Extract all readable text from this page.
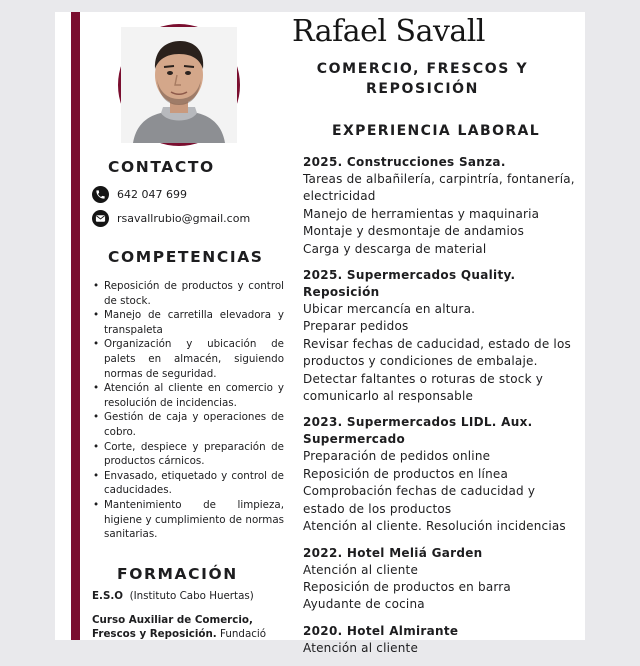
Rafael Savall
COMERCIO, FRESCOS Y
REPOSICIÓN
CONTACTO
642 047 699
rsavallrubio@gmail.com
COMPETENCIAS
• Reposición de productos y control de stock.
• Manejo de carretilla elevadora y transpaleta
• Organización y ubicación de palets en almacén, siguiendo normas de seguridad.
• Atención al cliente en comercio y resolución de incidencias.
• Gestión de caja y operaciones de cobro.
• Corte, despiece y preparación de productos cárnicos.
• Envasado, etiquetado y control de caducidades.
• Mantenimiento de limpieza, higiene y cumplimiento de normas sanitarias.
FORMACIÓN
E.S.O (Instituto Cabo Huertas)
Curso Auxiliar de Comercio, Frescos y Reposición. Fundació
EXPERIENCIA LABORAL
2025. Construcciones Sanza.
Tareas de albañilería, carpintría, fontanería, electricidad
Manejo de herramientas y maquinaria
Montaje y desmontaje de andamios
Carga y descarga de material
2025. Supermercados Quality. Reposición
Ubicar mercancía en altura.
Preparar pedidos
Revisar fechas de caducidad, estado de los productos y condiciones de embalaje.
Detectar faltantes o roturas de stock y comunicarlo al responsable
2023. Supermercados LIDL. Aux. Supermercado
Preparación de pedidos online
Reposición de productos en línea
Comprobación fechas de caducidad y estado de los productos
Atención al cliente. Resolución incidencias
2022. Hotel Meliá Garden
Atención al cliente
Reposición de productos en barra
Ayudante de cocina
2020. Hotel Almirante
Atención al cliente
